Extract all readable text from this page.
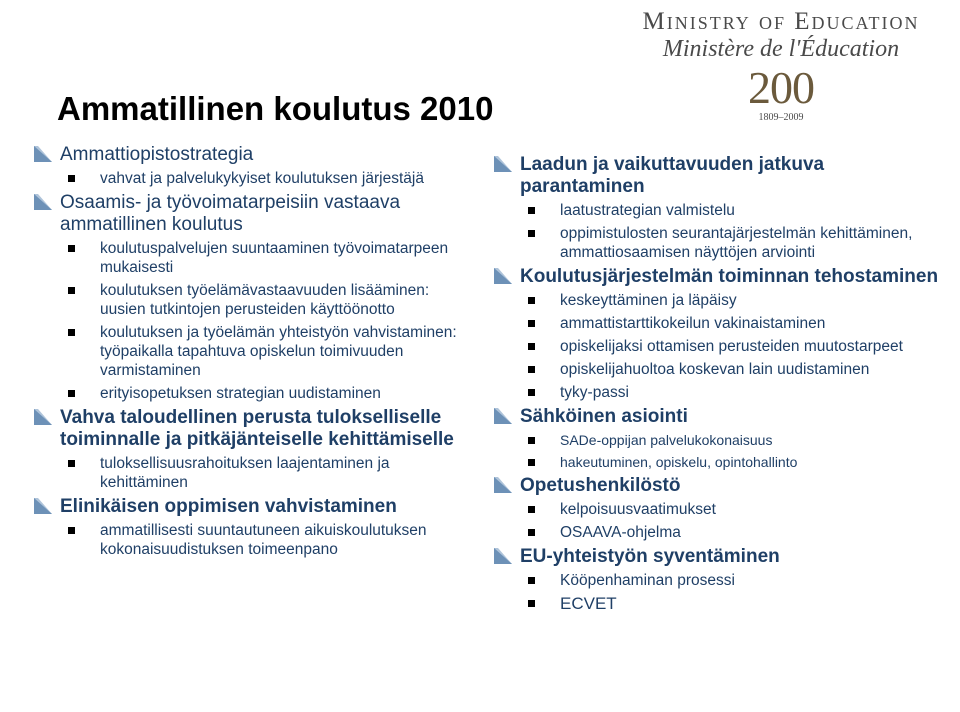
Ministry of Education
Ministère de l'Éducation
200
1809–2009
Ammatillinen koulutus 2010
Ammattiopistostrategia
vahvat ja palvelukykyiset koulutuksen järjestäjä
Osaamis- ja työvoimatarpeisiin vastaava ammatillinen koulutus
koulutuspalvelujen suuntaaminen työvoimatarpeen mukaisesti
koulutuksen työelämävastaavuuden lisääminen: uusien tutkintojen perusteiden käyttöönotto
koulutuksen ja työelämän yhteistyön vahvistaminen: työpaikalla tapahtuva opiskelun toimivuuden varmistaminen
erityisopetuksen strategian uudistaminen
Vahva taloudellinen perusta tulokselliselle toiminnalle ja pitkäjänteiselle kehittämiselle
tuloksellisuusrahoituksen laajentaminen ja kehittäminen
Elinikäisen oppimisen vahvistaminen
ammatillisesti suuntautuneen aikuiskoulutuksen kokonaisuudistuksen toimeenpano
Laadun ja vaikuttavuuden jatkuva parantaminen
laatustrategian valmistelu
oppimistulosten seurantajärjestelmän kehittäminen, ammattiosaamisen näyttöjen arviointi
Koulutusjärjestelmän toiminnan tehostaminen
keskeyttäminen ja läpäisy
ammattistarttikokeilun vakinaistaminen
opiskelijaksi ottamisen perusteiden muutostarpeet
opiskelijahuoltoa koskevan lain uudistaminen
tyky-passi
Sähköinen asiointi
SADe-oppijan palvelukokonaisuus
hakeutuminen, opiskelu, opintohallinto
Opetushenkilöstö
kelpoisuusvaatimukset
OSAAVA-ohjelma
EU-yhteistyön syventäminen
Kööpenhaminan prosessi
ECVET
